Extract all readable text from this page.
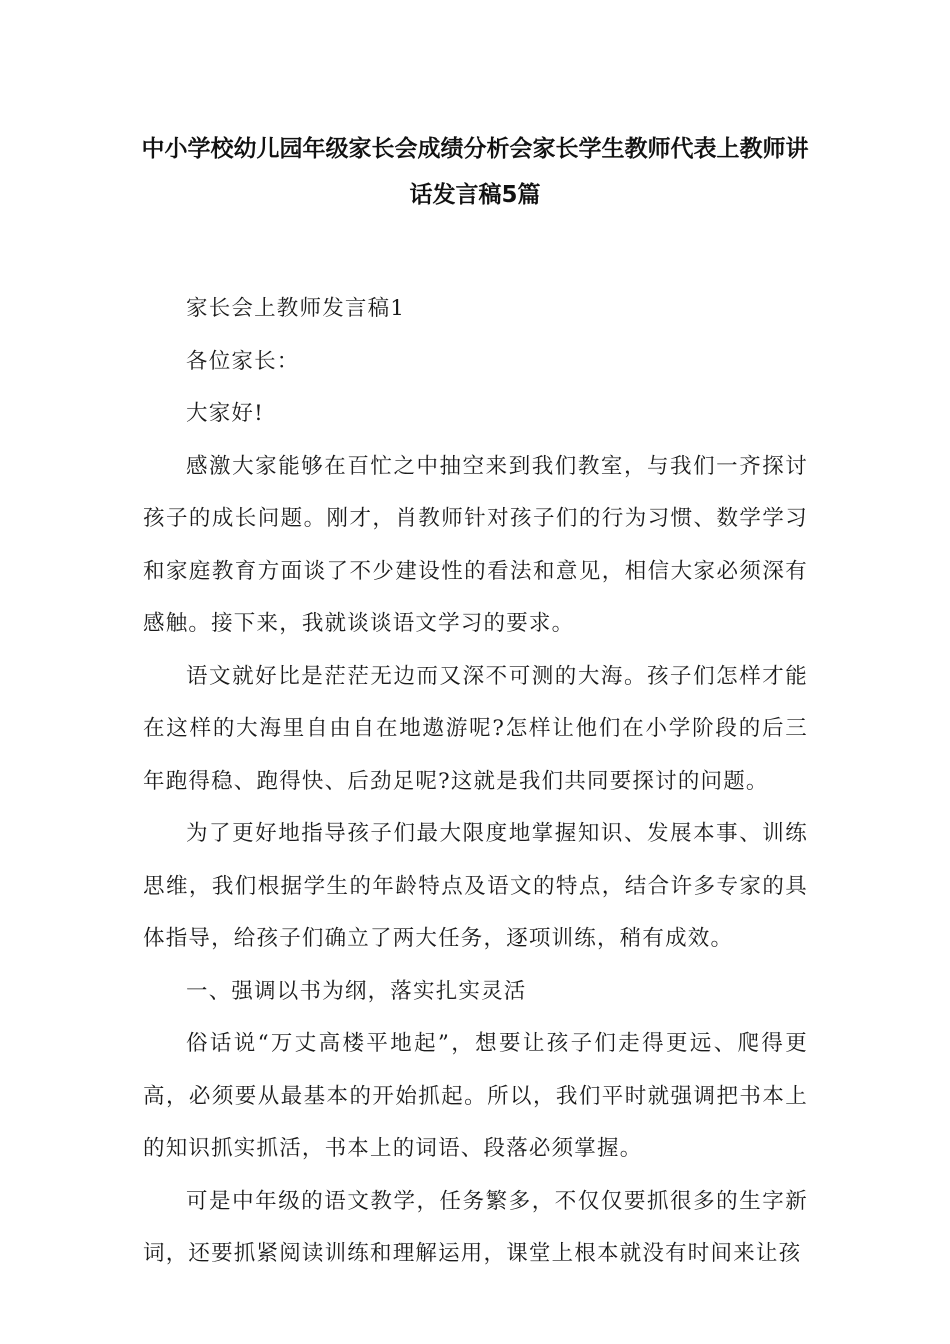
中小学校幼儿园年级家长会成绩分析会家长学生教师代表上教师讲话发言稿5篇

家长会上教师发言稿1

各位家长：

大家好!

感激大家能够在百忙之中抽空来到我们教室，与我们一齐探讨孩子的成长问题。刚才，肖教师针对孩子们的行为习惯、数学学习和家庭教育方面谈了不少建设性的看法和意见，相信大家必须深有感触。接下来，我就谈谈语文学习的要求。

语文就好比是茫茫无边而又深不可测的大海。孩子们怎样才能在这样的大海里自由自在地遨游呢?怎样让他们在小学阶段的后三年跑得稳、跑得快、后劲足呢?这就是我们共同要探讨的问题。

为了更好地指导孩子们最大限度地掌握知识、发展本事、训练思维，我们根据学生的年龄特点及语文的特点，结合许多专家的具体指导，给孩子们确立了两大任务，逐项训练，稍有成效。

一、强调以书为纲，落实扎实灵活

俗话说“万丈高楼平地起”，想要让孩子们走得更远、爬得更高，必须要从最基本的开始抓起。所以，我们平时就强调把书本上的知识抓实抓活，书本上的词语、段落必须掌握。

可是中年级的语文教学，任务繁多，不仅仅要抓很多的生字新词，还要抓紧阅读训练和理解运用，课堂上根本就没有时间来让孩
